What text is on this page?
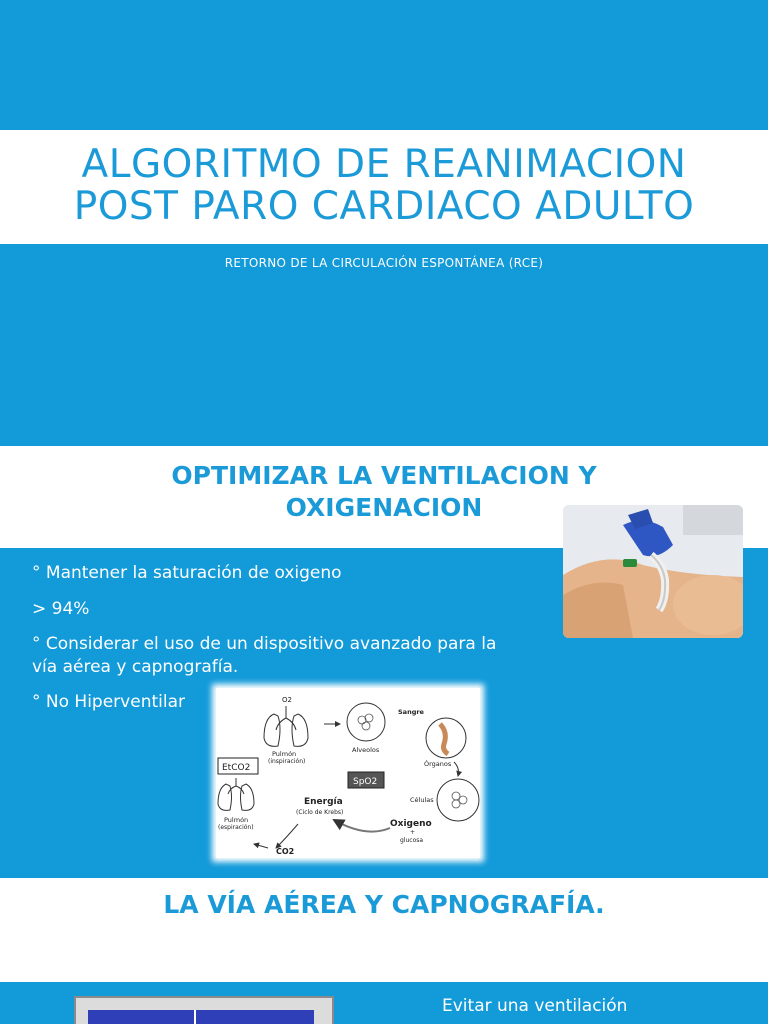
ALGORITMO DE REANIMACION
POST PARO CARDIACO ADULTO
RETORNO DE LA CIRCULACIÓN ESPONTÁNEA (RCE)
OPTIMIZAR LA VENTILACION Y
OXIGENACION
° Mantener la saturación de oxigeno
> 94%
° Considerar el uso de un dispositivo avanzado para la vía aérea y capnografía.
° No Hiperventilar	O2
Pulmón
(inspiración)
Alveolos
Sangre
Órganos
Células
EtCO2
SpO2
Pulmón
(espiración)
Energía
(Ciclo de Krebs)
Oxigeno
+
glucosa
CO2
LA VÍA AÉREA Y CAPNOGRAFÍA.
Evitar una ventilación
